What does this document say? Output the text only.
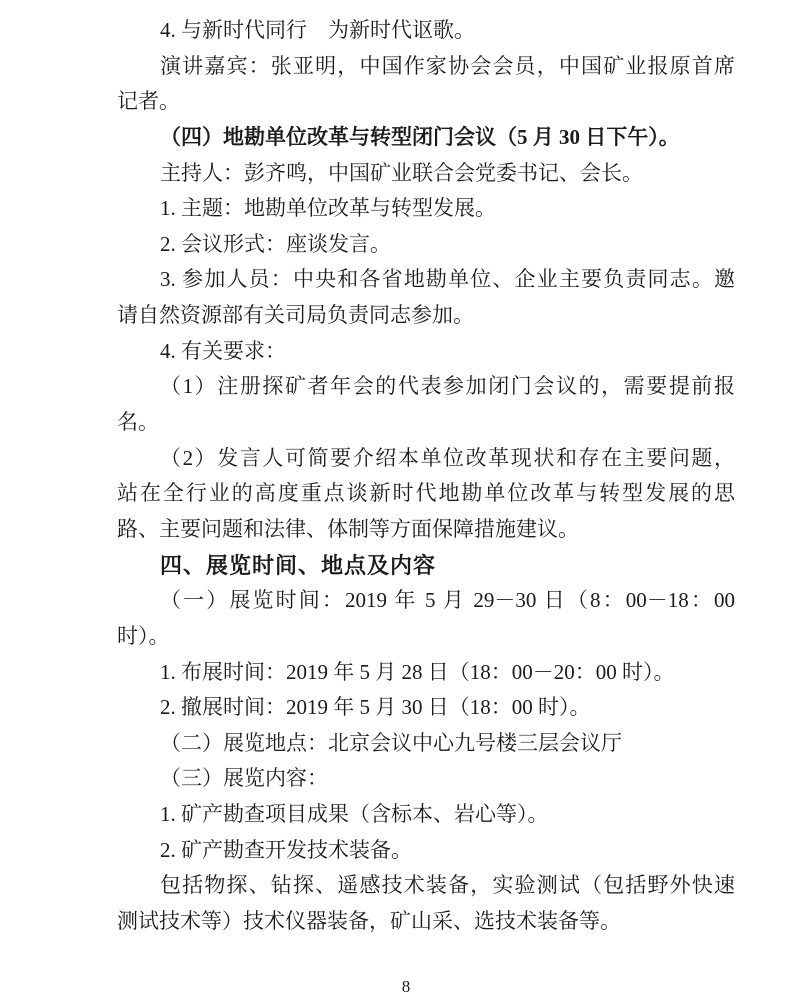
4. 与新时代同行　为新时代讴歌。
演讲嘉宾：张亚明，中国作家协会会员，中国矿业报原首席
记者。
（四）地勘单位改革与转型闭门会议（5 月 30 日下午）。
主持人：彭齐鸣，中国矿业联合会党委书记、会长。
1. 主题：地勘单位改革与转型发展。
2. 会议形式：座谈发言。
3. 参加人员：中央和各省地勘单位、企业主要负责同志。邀
请自然资源部有关司局负责同志参加。
4. 有关要求：
（1）注册探矿者年会的代表参加闭门会议的，需要提前报
名。
（2）发言人可简要介绍本单位改革现状和存在主要问题，
站在全行业的高度重点谈新时代地勘单位改革与转型发展的思
路、主要问题和法律、体制等方面保障措施建议。
四、展览时间、地点及内容
（一）展览时间：2019 年 5 月 29－30 日（8：00－18：00
时）。
1. 布展时间：2019 年 5 月 28 日（18：00－20：00 时）。
2. 撤展时间：2019 年 5 月 30 日（18：00 时）。
（二）展览地点：北京会议中心九号楼三层会议厅
（三）展览内容：
1. 矿产勘查项目成果（含标本、岩心等）。
2. 矿产勘查开发技术装备。
包括物探、钻探、遥感技术装备，实验测试（包括野外快速
测试技术等）技术仪器装备，矿山采、选技术装备等。
8
